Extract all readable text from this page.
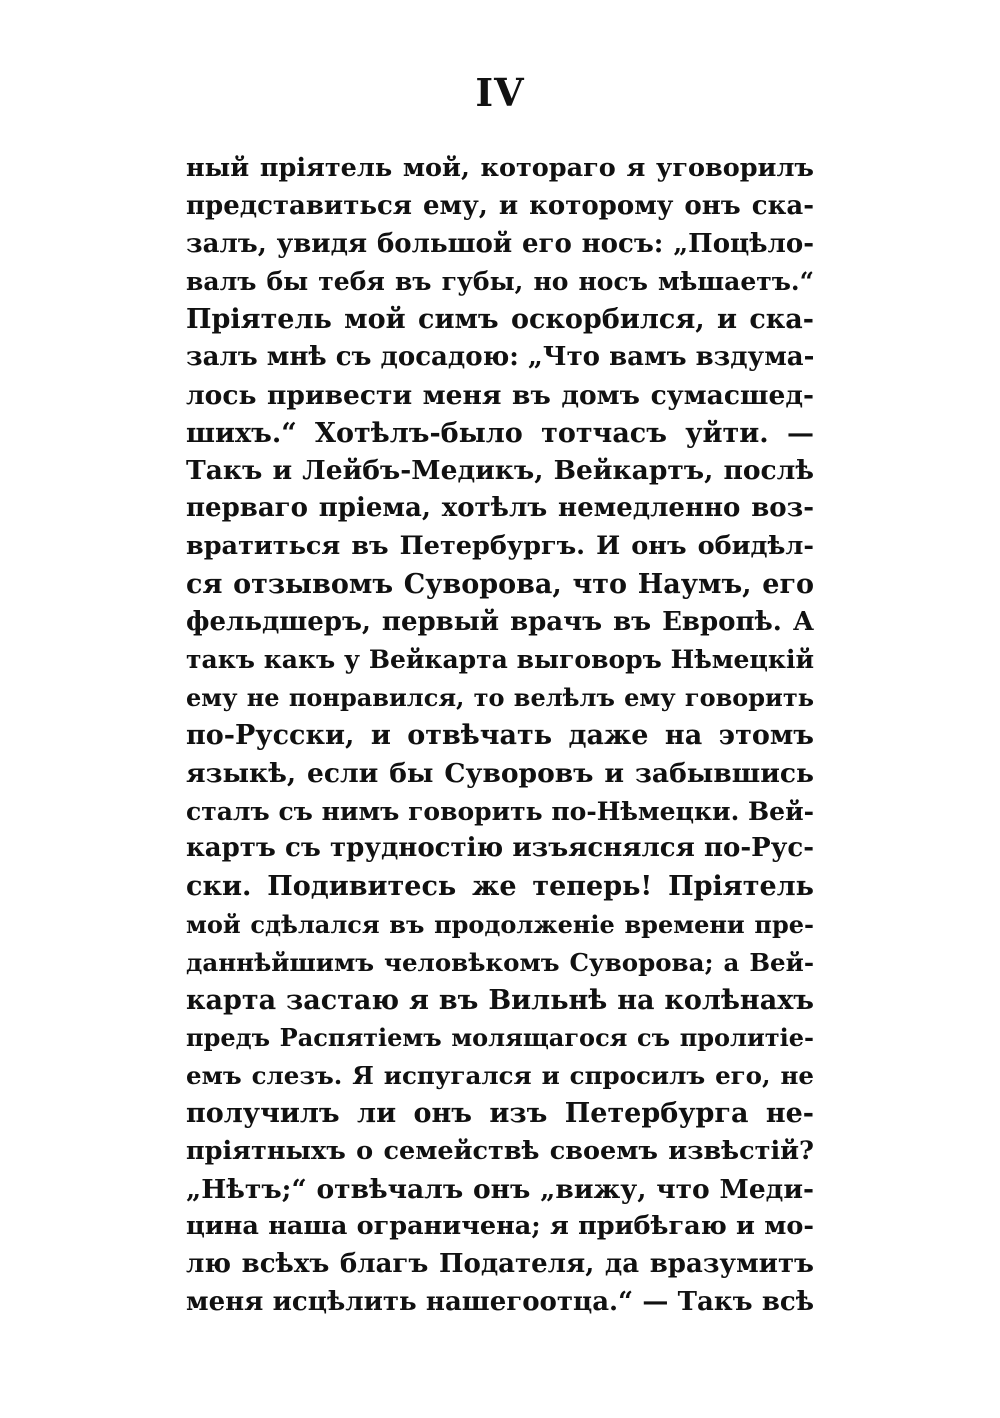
IV
ный пріятель мой, котораго я уговорилъ
представиться ему, и которому онъ ска-
залъ, увидя большой его носъ: „Поцѣло-
валъ бы тебя въ губы, но носъ мѣшаетъ.“
Пріятель мой симъ оскорбился, и ска-
залъ мнѣ съ досадою: „Что вамъ вздума-
лось привести меня въ домъ сумасшед-
шихъ.“ Хотѣлъ-было тотчасъ уйти. —
Такъ и Лейбъ-Медикъ, Вейкартъ, послѣ
перваго пріема, хотѣлъ немедленно воз-
вратиться въ Петербургъ. И онъ обидѣл-
ся отзывомъ Суворова, что Наумъ, его
фельдшеръ, первый врачъ въ Европѣ. А
такъ какъ у Вейкарта выговоръ Нѣмецкій
ему не понравился, то велѣлъ ему говорить
по-Русски, и отвѣчать даже на этомъ
языкѣ, если бы Суворовъ и забывшись
сталъ съ нимъ говорить по-Нѣмецки. Вей-
картъ съ трудностію изъяснялся по-Рус-
ски. Подивитесь же теперь! Пріятель
мой сдѣлался въ продолженіе времени пре-
даннѣйшимъ человѣкомъ Суворова; а Вей-
карта застаю я въ Вильнѣ на колѣнахъ
предъ Распятіемъ молящагося съ пролитіе-
емъ слезъ. Я испугался и спросилъ его, не
получилъ ли онъ изъ Петербурга не-
пріятныхъ о семействѣ своемъ извѣстій?
„Нѣтъ;“ отвѣчалъ онъ „вижу, что Меди-
цина наша ограничена; я прибѣгаю и мо-
лю всѣхъ благъ Подателя, да вразумитъ
меня исцѣлить нашегоотца.“ — Такъ всѣ
